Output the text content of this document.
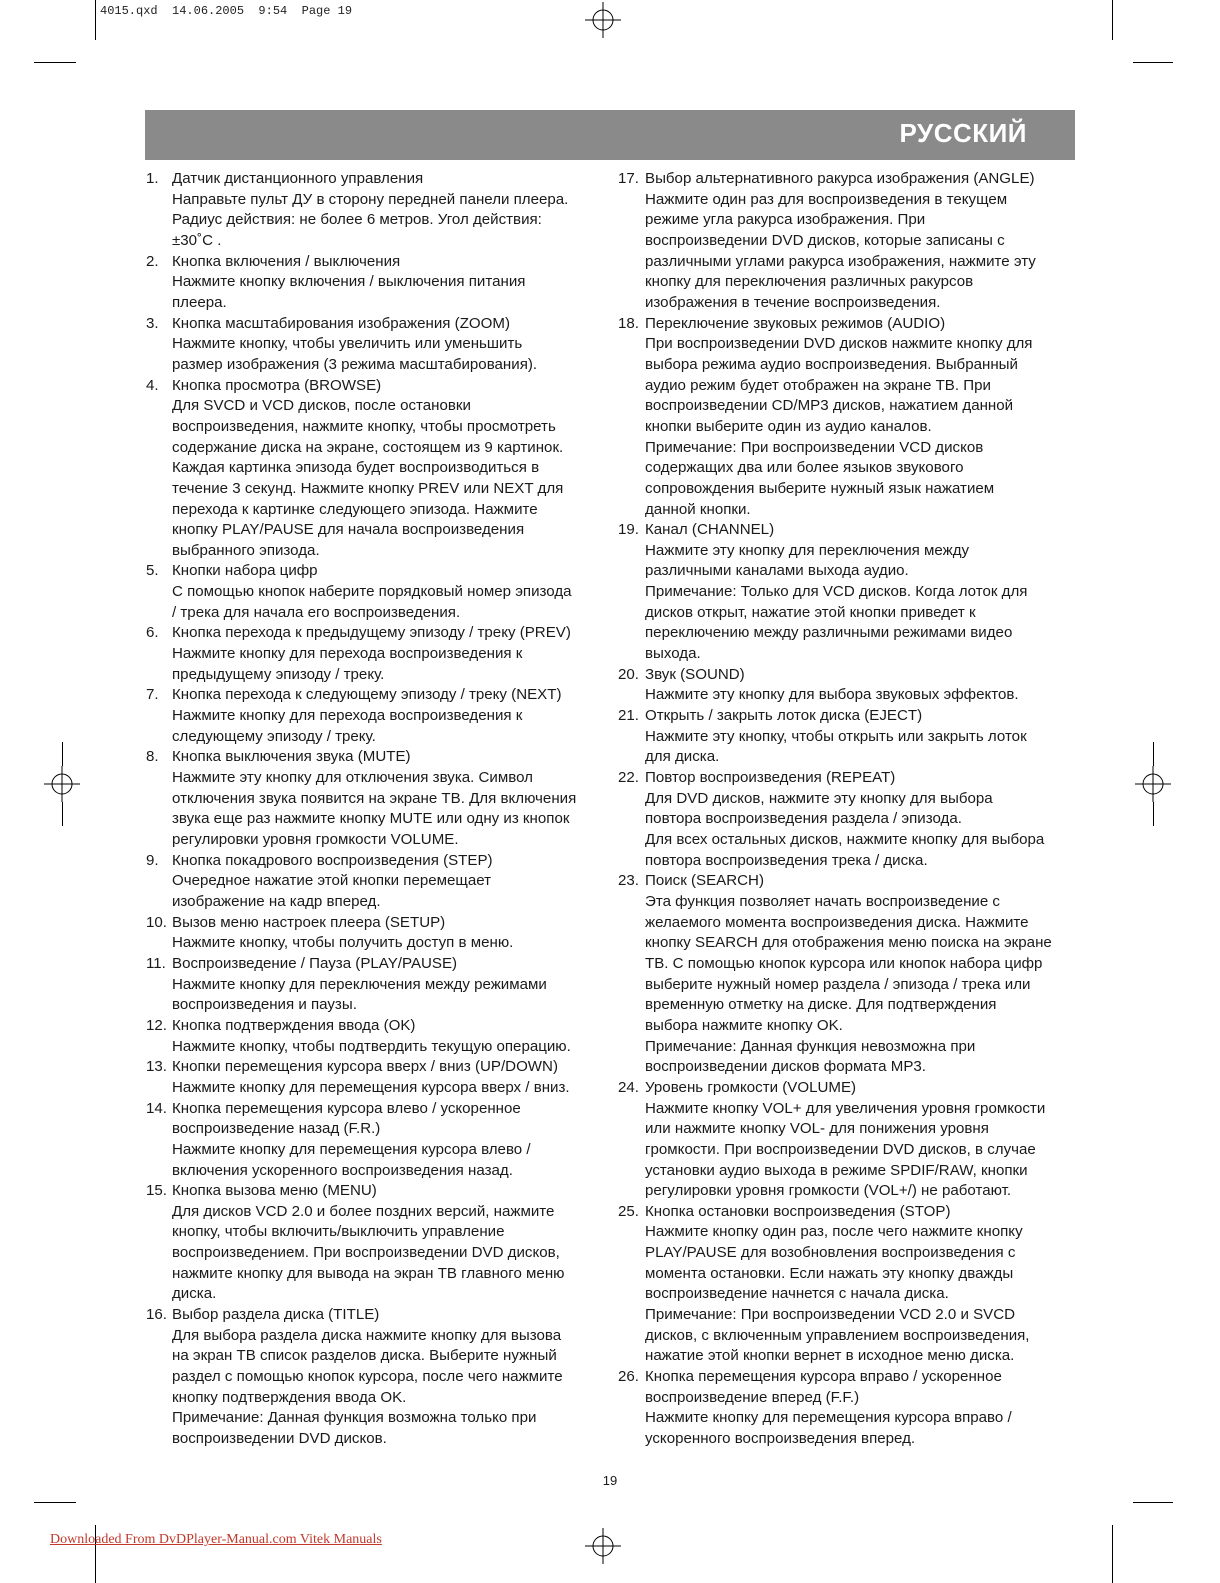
4015.qxd  14.06.2005  9:54  Page 19
РУССКИЙ
1. Датчик дистанционного управления
Направьте пульт ДУ в сторону передней панели плеера.
Радиус действия: не более 6 метров. Угол действия:
±30˚С .
2. Кнопка включения / выключения
Нажмите кнопку включения / выключения питания
плеера.
3. Кнопка масштабирования изображения (ZOOM)
Нажмите кнопку, чтобы увеличить или уменьшить
размер изображения (3 режима масштабирования).
4. Кнопка просмотра (BROWSE)
Для SVCD и VCD дисков, после остановки
воспроизведения, нажмите кнопку, чтобы просмотреть
содержание диска на экране, состоящем из 9 картинок.
Каждая картинка эпизода будет воспроизводиться в
течение 3 секунд. Нажмите кнопку PREV или NEXT для
перехода к картинке следующего эпизода. Нажмите
кнопку PLAY/PAUSE для начала воспроизведения
выбранного эпизода.
5. Кнопки набора цифр
С помощью кнопок наберите порядковый номер эпизода
/ трека для начала его воспроизведения.
6. Кнопка перехода к предыдущему эпизоду / треку (PREV)
Нажмите кнопку для перехода воспроизведения к
предыдущему эпизоду / треку.
7. Кнопка перехода к следующему эпизоду / треку (NEXT)
Нажмите кнопку для перехода воспроизведения к
следующему эпизоду / треку.
8. Кнопка выключения звука (MUTE)
Нажмите эту кнопку для отключения звука. Символ
отключения звука появится на экране ТВ. Для включения
звука еще раз нажмите кнопку MUTE или одну из кнопок
регулировки уровня громкости VOLUME.
9. Кнопка покадрового воспроизведения (STEP)
Очередное нажатие этой кнопки перемещает
изображение на кадр вперед.
10. Вызов меню настроек плеера (SETUP)
Нажмите кнопку, чтобы получить доступ в меню.
11. Воспроизведение / Пауза (PLAY/PAUSE)
Нажмите кнопку для переключения между режимами
воспроизведения и паузы.
12. Кнопка подтверждения ввода (OK)
Нажмите кнопку, чтобы подтвердить текущую операцию.
13. Кнопки перемещения курсора вверх / вниз (UP/DOWN)
Нажмите кнопку для перемещения курсора вверх / вниз.
14. Кнопка перемещения курсора влево / ускоренное
воспроизведение назад (F.R.)
Нажмите кнопку для перемещения курсора влево /
включения ускоренного воспроизведения назад.
15. Кнопка вызова меню (MENU)
Для дисков VCD 2.0 и более поздних версий, нажмите
кнопку, чтобы включить/выключить управление
воспроизведением. При воспроизведении DVD дисков,
нажмите кнопку для вывода на экран ТВ главного меню
диска.
16. Выбор раздела диска (TITLE)
Для выбора раздела диска нажмите кнопку для вызова
на экран ТВ список разделов диска. Выберите нужный
раздел с помощью кнопок курсора, после чего нажмите
кнопку подтверждения ввода OK.
Примечание: Данная функция возможна только при
воспроизведении DVD дисков.
17. Выбор альтернативного ракурса изображения (ANGLE)
Нажмите один раз для воспроизведения в текущем
режиме угла ракурса изображения. При
воспроизведении DVD дисков, которые записаны с
различными углами ракурса изображения, нажмите эту
кнопку для переключения различных ракурсов
изображения в течение воспроизведения.
18. Переключение звуковых режимов (AUDIO)
При воспроизведении DVD дисков нажмите кнопку для
выбора режима аудио воспроизведения. Выбранный
аудио режим будет отображен на экране ТВ. При
воспроизведении CD/MP3 дисков, нажатием данной
кнопки выберите один из аудио каналов.
Примечание: При воспроизведении VCD дисков
содержащих два или более языков звукового
сопровождения выберите нужный язык нажатием
данной кнопки.
19. Канал (CHANNEL)
Нажмите эту кнопку для переключения между
различными каналами выхода аудио.
Примечание: Только для VCD дисков. Когда лоток для
дисков открыт, нажатие этой кнопки приведет к
переключению между различными режимами видео
выхода.
20. Звук (SOUND)
Нажмите эту кнопку для выбора звуковых эффектов.
21. Открыть / закрыть лоток диска (EJECT)
Нажмите эту кнопку, чтобы открыть или закрыть лоток
для диска.
22. Повтор воспроизведения (REPEAT)
Для DVD дисков, нажмите эту кнопку для выбора
повтора воспроизведения раздела / эпизода.
Для всех остальных дисков, нажмите кнопку для выбора
повтора воспроизведения трека / диска.
23. Поиск (SEARCH)
Эта функция позволяет начать воспроизведение с
желаемого момента воспроизведения диска. Нажмите
кнопку SEARCH для отображения меню поиска на экране
ТВ. С помощью кнопок курсора или кнопок набора цифр
выберите нужный номер раздела / эпизода / трека или
временную отметку на диске. Для подтверждения
выбора нажмите кнопку OK.
Примечание: Данная функция невозможна при
воспроизведении дисков формата MP3.
24. Уровень громкости (VOLUME)
Нажмите кнопку VOL+ для увеличения уровня громкости
или нажмите кнопку VOL- для понижения уровня
громкости. При воспроизведении DVD дисков, в случае
установки аудио выхода в режиме SPDIF/RAW, кнопки
регулировки уровня громкости (VOL+/) не работают.
25. Кнопка остановки воспроизведения (STOP)
Нажмите кнопку один раз, после чего нажмите кнопку
PLAY/PAUSE для возобновления воспроизведения с
момента остановки. Если нажать эту кнопку дважды
воспроизведение начнется с начала диска.
Примечание: При воспроизведении VCD 2.0 и SVCD
дисков, с включенным управлением воспроизведения,
нажатие этой кнопки вернет в исходное меню диска.
26. Кнопка перемещения курсора вправо / ускоренное
воспроизведение вперед (F.F.)
Нажмите кнопку для перемещения курсора вправо /
ускоренного воспроизведения вперед.
19
Downloaded From DvDPlayer-Manual.com Vitek Manuals
